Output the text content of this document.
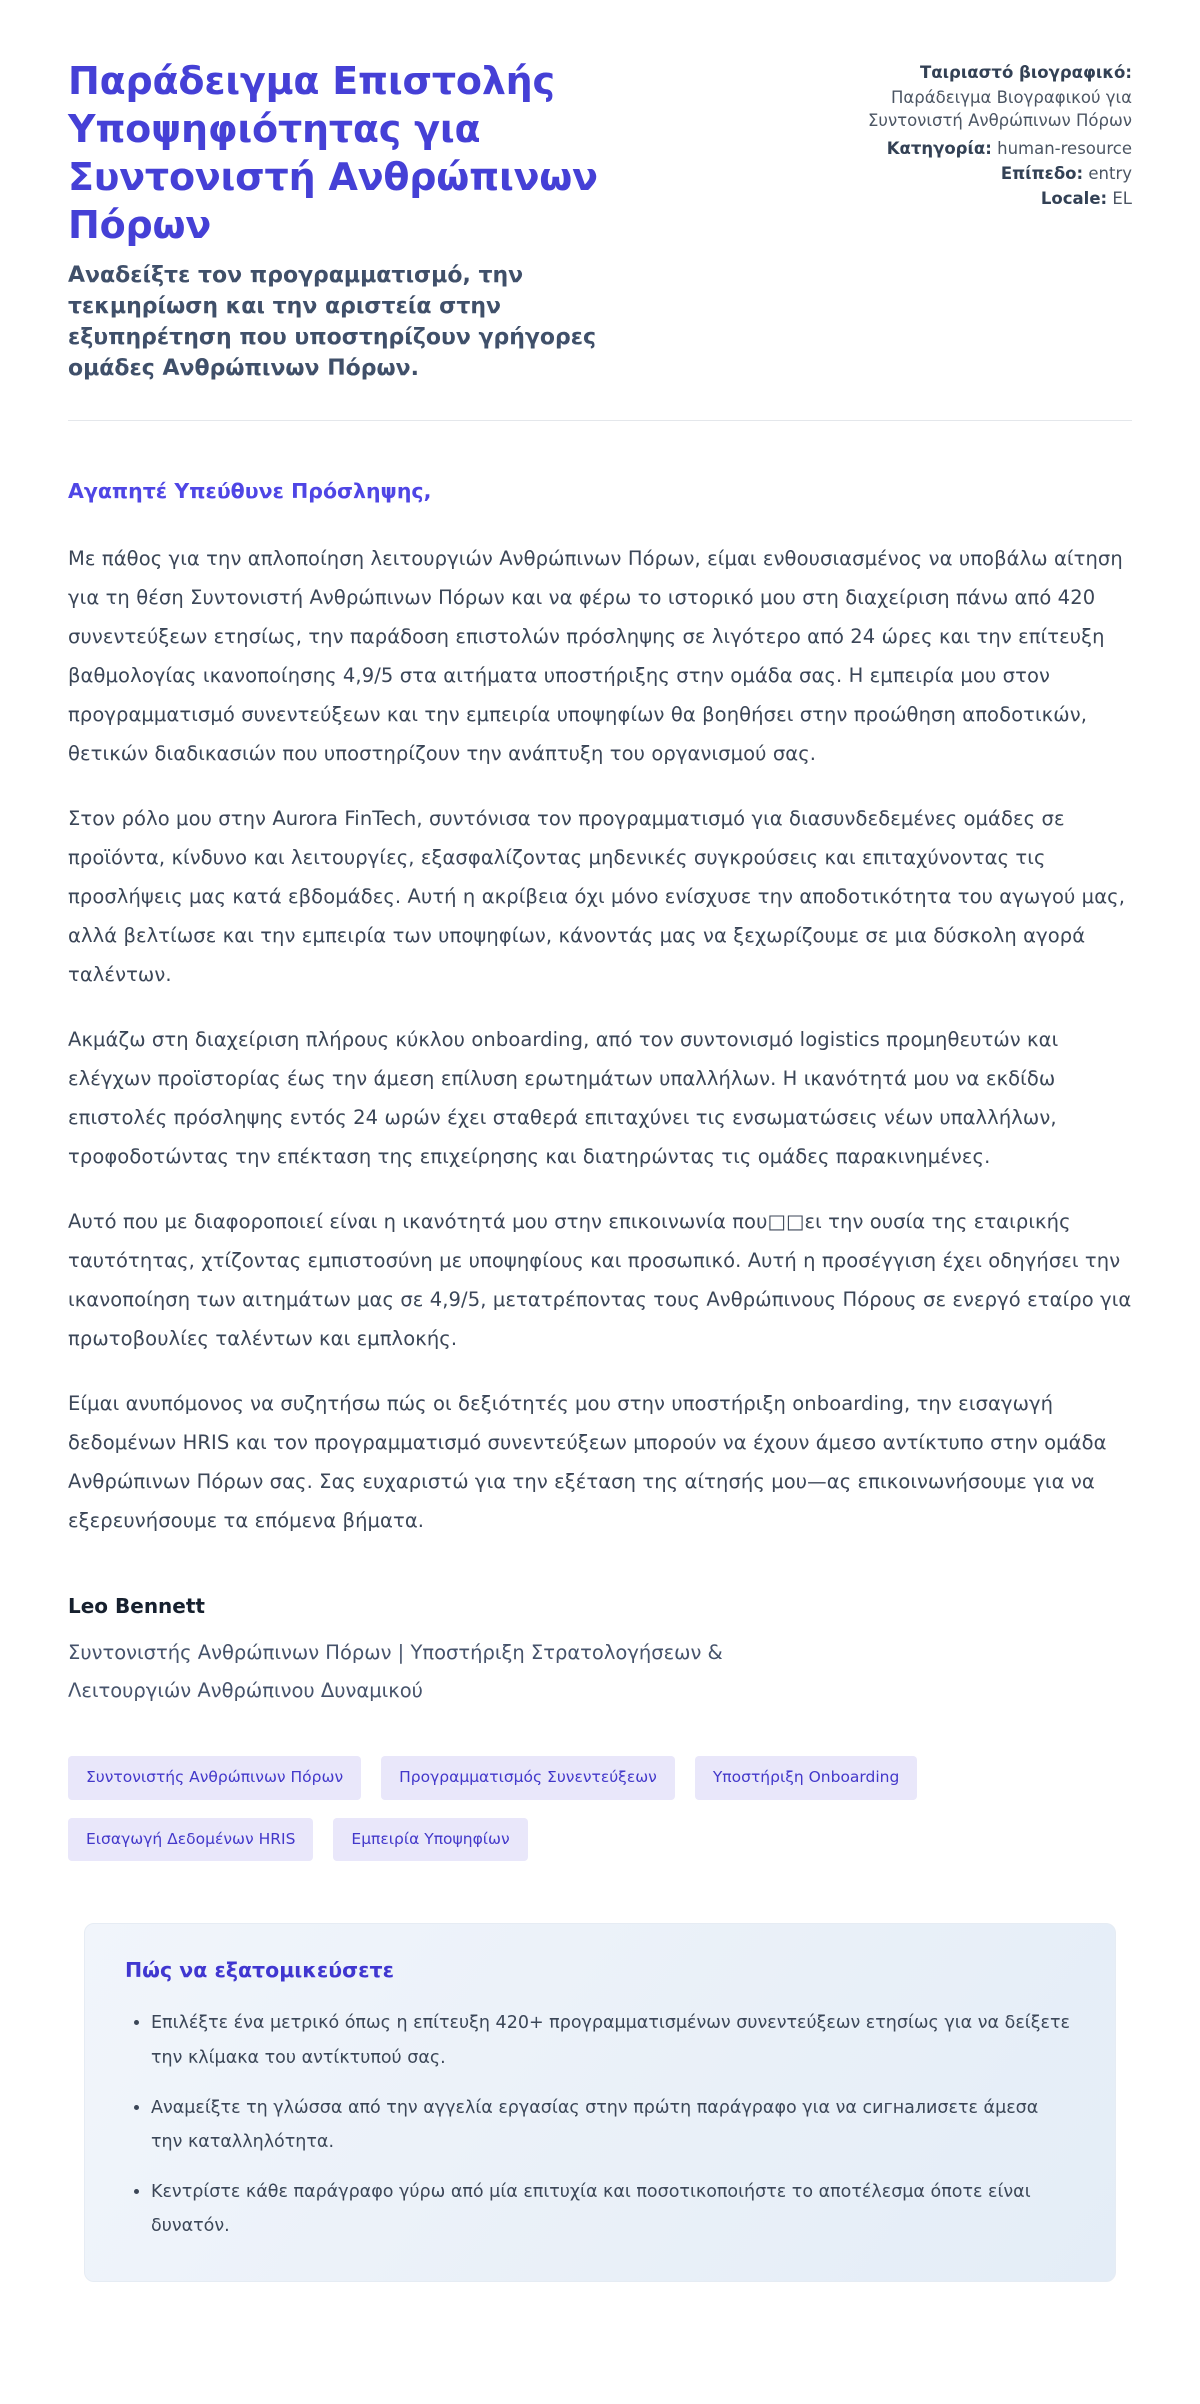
Παράδειγμα Επιστολής Υποψηφιότητας για Συντονιστή Ανθρώπινων Πόρων

Αναδείξτε τον προγραμματισμό, την τεκμηρίωση και την αριστεία στην εξυπηρέτηση που υποστηρίζουν γρήγορες ομάδες Ανθρώπινων Πόρων.

Ταιριαστό βιογραφικό:
Παράδειγμα Βιογραφικού για Συντονιστή Ανθρώπινων Πόρων
Κατηγορία: human-resource
Επίπεδο: entry
Locale: EL
Αγαπητέ Υπεύθυνε Πρόσληψης,

Με πάθος για την απλοποίηση λειτουργιών Ανθρώπινων Πόρων, είμαι ενθουσιασμένος να υποβάλω αίτηση για τη θέση Συντονιστή Ανθρώπινων Πόρων και να φέρω το ιστορικό μου στη διαχείριση πάνω από 420 συνεντεύξεων ετησίως, την παράδοση επιστολών πρόσληψης σε λιγότερο από 24 ώρες και την επίτευξη βαθμολογίας ικανοποίησης 4,9/5 στα αιτήματα υποστήριξης στην ομάδα σας. Η εμπειρία μου στον προγραμματισμό συνεντεύξεων και την εμπειρία υποψηφίων θα βοηθήσει στην προώθηση αποδοτικών, θετικών διαδικασιών που υποστηρίζουν την ανάπτυξη του οργανισμού σας.

Στον ρόλο μου στην Aurora FinTech, συντόνισα τον προγραμματισμό για διασυνδεδεμένες ομάδες σε προϊόντα, κίνδυνο και λειτουργίες, εξασφαλίζοντας μηδενικές συγκρούσεις και επιταχύνοντας τις προσλήψεις μας κατά εβδομάδες. Αυτή η ακρίβεια όχι μόνο ενίσχυσε την αποδοτικότητα του αγωγού μας, αλλά βελτίωσε και την εμπειρία των υποψηφίων, κάνοντάς μας να ξεχωρίζουμε σε μια δύσκολη αγορά ταλέντων.

Ακμάζω στη διαχείριση πλήρους κύκλου onboarding, από τον συντονισμό logistics προμηθευτών και ελέγχων προϊστορίας έως την άμεση επίλυση ερωτημάτων υπαλλήλων. Η ικανότητά μου να εκδίδω επιστολές πρόσληψης εντός 24 ωρών έχει σταθερά επιταχύνει τις ενσωματώσεις νέων υπαλλήλων, τροφοδοτώντας την επέκταση της επιχείρησης και διατηρώντας τις ομάδες παρακινημένες.

Αυτό που με διαφοροποιεί είναι η ικανότητά μου στην επικοινωνία που□□ει την ουσία της εταιρικής ταυτότητας, χτίζοντας εμπιστοσύνη με υποψηφίους και προσωπικό. Αυτή η προσέγγιση έχει οδηγήσει την ικανοποίηση των αιτημάτων μας σε 4,9/5, μετατρέποντας τους Ανθρώπινους Πόρους σε ενεργό εταίρο για πρωτοβουλίες ταλέντων και εμπλοκής.

Είμαι ανυπόμονος να συζητήσω πώς οι δεξιότητές μου στην υποστήριξη onboarding, την εισαγωγή δεδομένων HRIS και τον προγραμματισμό συνεντεύξεων μπορούν να έχουν άμεσο αντίκτυπο στην ομάδα Ανθρώπινων Πόρων σας. Σας ευχαριστώ για την εξέταση της αίτησής μου—ας επικοινωνήσουμε για να εξερευνήσουμε τα επόμενα βήματα.

Leo Bennett

Συντονιστής Ανθρώπινων Πόρων | Υποστήριξη Στρατολογήσεων & Λειτουργιών Ανθρώπινου Δυναμικού

Συντονιστής Ανθρώπινων Πόρων	Προγραμματισμός Συνεντεύξεων	Υποστήριξη Onboarding
Εισαγωγή Δεδομένων HRIS	Εμπειρία Υποψηφίων
Πώς να εξατομικεύσετε
• Επιλέξτε ένα μετρικό όπως η επίτευξη 420+ προγραμματισμένων συνεντεύξεων ετησίως για να δείξετε την κλίμακα του αντίκτυπού σας.
• Αναμείξτε τη γλώσσα από την αγγελία εργασίας στην πρώτη παράγραφο για να сигналиσετε άμεσα την καταλληλότητα.
• Κεντρίστε κάθε παράγραφο γύρω από μία επιτυχία και ποσοτικοποιήστε το αποτέλεσμα όποτε είναι δυνατόν.
